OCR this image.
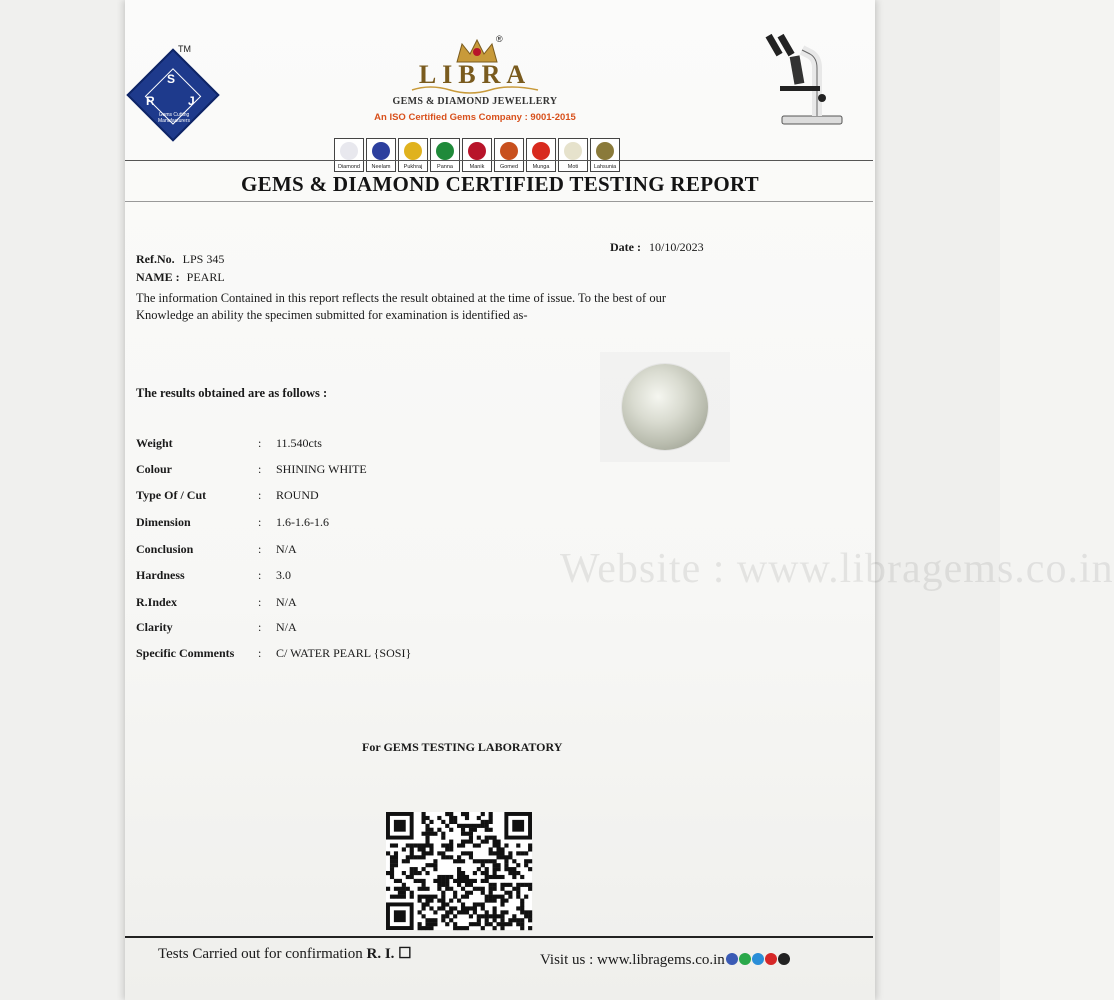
S
R	J
Gems Cutting Manufacturers
TM
®
LIBRA
GEMS & DIAMOND JEWELLERY
An ISO Certified Gems Company : 9001-2015
Diamond	Neelam	Pukhraj	Panna	Manik	Gomed	Munga	Moti	Lahsunia
GEMS & DIAMOND CERTIFIED TESTING REPORT
Ref.No. LPS 345
NAME : PEARL
Date : 10/10/2023
The information Contained in this report reflects the result obtained at the time of issue. To the best of our
Knowledge an ability the specimen submitted for examination is identified as-
Website : www.libragems.co.in
The results obtained are as follows :
Weight	: 11.540cts
Colour	: SHINING WHITE
Type Of / Cut	: ROUND
Dimension	: 1.6-1.6-1.6
Conclusion	: N/A
Hardness	: 3.0
R.Index	: N/A
Clarity	: N/A
Specific Comments	: C/ WATER PEARL {SOSI}
For GEMS TESTING LABORATORY
Tests Carried out for confirmation R. I. ☐	Visit us : www.libragems.co.in
